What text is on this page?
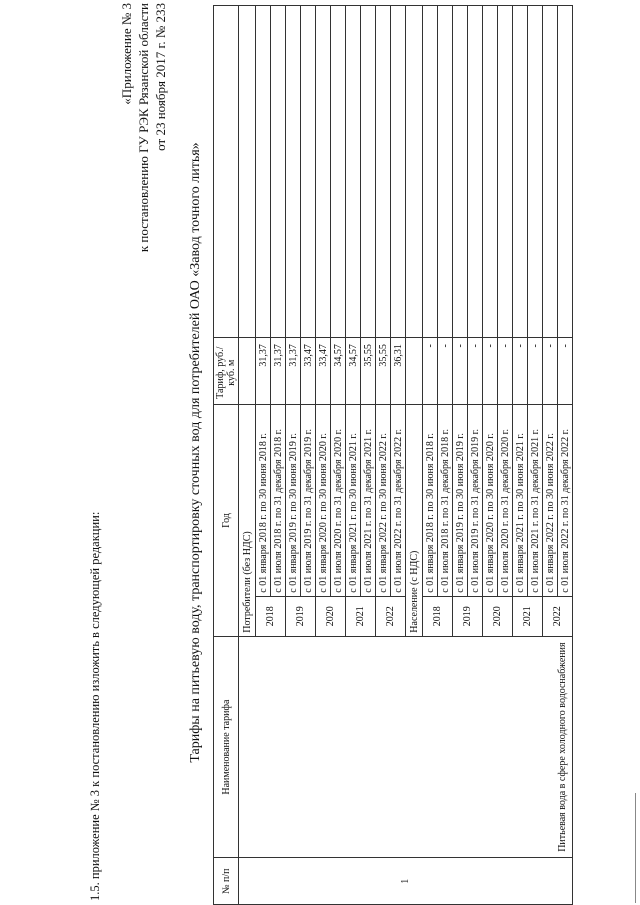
1.5. приложение № 3 к постановлению изложить в следующей редакции:
«Приложение № 3 к постановлению ГУ РЭК Рязанской области от 23 ноября 2017 г. № 233
Тарифы на питьевую воду, транспортировку сточных вод для потребителей ОАО «Завод точного литья»
№ п/п	Наименование тарифа	Год		Тариф, руб./куб. м	
1	Питьевая вода в сфере холодного водоснабжения	Потребители (без НДС)			
		2018	с 01 января 2018 г. по 30 июня 2018 г.	31,37	
			с 01 июля 2018 г. по 31 декабря 2018 г.	31,37	
		2019	с 01 января 2019 г. по 30 июня 2019 г.	31,37	
			с 01 июля 2019 г. по 31 декабря 2019 г.	33,47	
		2020	с 01 января 2020 г. по 30 июня 2020 г.	33,47	
			с 01 июля 2020 г. по 31 декабря 2020 г.	34,57	
		2021	с 01 января 2021 г. по 30 июня 2021 г.	34,57	
			с 01 июля 2021 г. по 31 декабря 2021 г.	35,55	
		2022	с 01 января 2022 г. по 30 июня 2022 г.	35,55	
			с 01 июля 2022 г. по 31 декабря 2022 г.	36,31	
		Население (с НДС)			
		2018	с 01 января 2018 г. по 30 июня 2018 г.	-	
			с 01 июля 2018 г. по 31 декабря 2018 г.	-	
		2019	с 01 января 2019 г. по 30 июня 2019 г.	-	
			с 01 июля 2019 г. по 31 декабря 2019 г.	-	
		2020	с 01 января 2020 г. по 30 июня 2020 г.	-	
			с 01 июля 2020 г. по 31 декабря 2020 г.	-	
		2021	с 01 января 2021 г. по 30 июня 2021 г.	-	
			с 01 июля 2021 г. по 31 декабря 2021 г.	-	
		2022	с 01 января 2022 г. по 30 июня 2022 г.	-	
			с 01 июля 2022 г. по 31 декабря 2022 г.	-	
